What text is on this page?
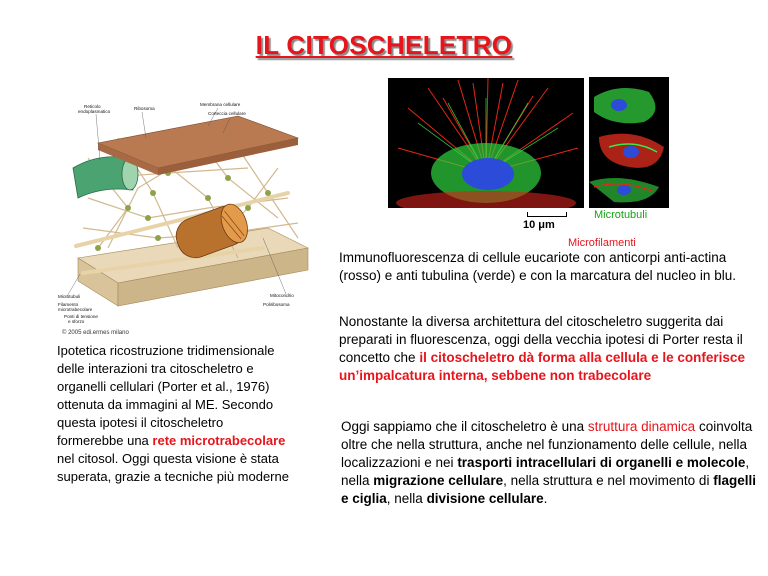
IL CITOSCHELETRO
Reticolo
endoplasmatico
Ribosoma
Membrana cellulare
Corteccia cellulare
Microtubuli
Filamento
microtrabecolare
Ponti di tensione
e sforzo
Mitocondrio
Poliribosoma
© 2005 edi.ermes milano
10 μm
Microtubuli
Microfilamenti
Immunofluorescenza di cellule eucariote con anticorpi anti-actina (rosso) e anti tubulina (verde) e con la marcatura del nucleo in blu.
Nonostante la diversa architettura del citoscheletro suggerita dai preparati in fluorescenza, oggi della vecchia ipotesi di Porter resta il concetto che il citoscheletro dà forma alla cellula e le conferisce un’impalcatura interna, sebbene non trabecolare
Ipotetica ricostruzione tridimensionale delle interazioni tra citoscheletro e organelli cellulari (Porter et al., 1976) ottenuta da immagini al ME. Secondo questa ipotesi il citoscheletro formerebbe una rete microtrabecolare nel citosol. Oggi questa visione è stata superata, grazie a tecniche più moderne
Oggi sappiamo che il citoscheletro è una struttura dinamica coinvolta oltre che nella struttura, anche nel funzionamento delle cellule, nella localizzazioni e nei trasporti intracellulari di organelli e molecole, nella migrazione cellulare, nella struttura e nel movimento di flagelli e ciglia, nella divisione cellulare.
